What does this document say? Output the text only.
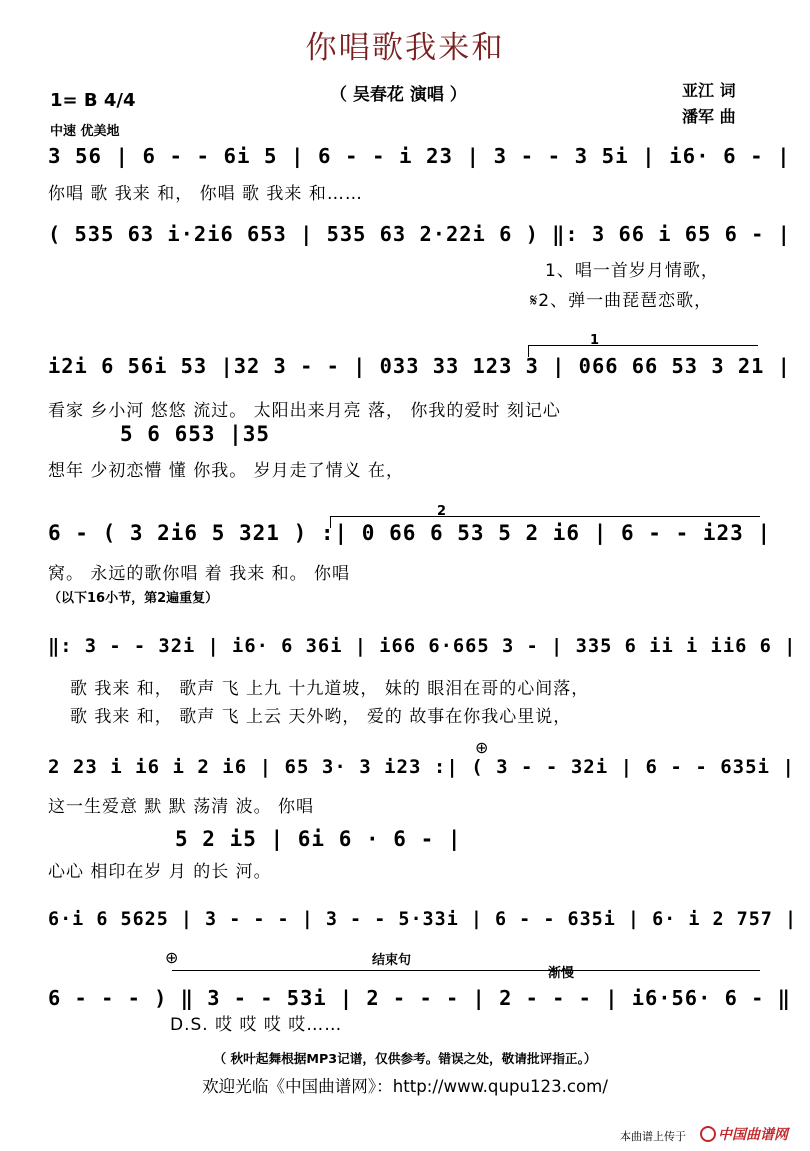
你唱歌我来和
（ 吴春花 演唱 ）	亚江 词
潘军 曲
1= B 4/4
中速 优美地
1
2
⊕
⊕
3 56 | 6 - - 6i 5 | 6 - - i 23 | 3 - - 3 5i | i6· 6 - |
你唱 歌 我来 和， 你唱 歌 我来 和……
( 535 63 i·2i6 653 | 535 63 2·22i 6 ) ‖: 3 66 i 65 6 - |
1、唱一首岁月情歌，
𝄋2、弹一曲琵琶恋歌，
i2i 6 56i 53 |32 3 - - | 033 33 123 3 | 066 66 53 3 21 |
看家 乡小河 悠悠 流过。 太阳出来月亮 落， 你我的爱时 刻记心
5 6 653 |35
想年 少初恋懵 懂 你我。 岁月走了情义 在，
6 - ( 3 2i6 5 321 ) :| 0 66 6 53 5 2 i6 | 6 - - i23 |
窝。 永远的歌你唱 着 我来 和。 你唱
（以下16小节，第2遍重复）
‖: 3 - - 32i | i6· 6 36i | i66 6·665 3 - | 335 6 ii i ii6 6 |
歌 我来 和， 歌声 飞 上九 十九道坡， 妹的 眼泪在哥的心间落，
歌 我来 和， 歌声 飞 上云 天外哟， 爱的 故事在你我心里说，
2 23 i i6 i 2 i6 | 65 3· 3 i23 :| ( 3 - - 32i | 6 - - 635i |
这一生爱意 默 默 荡清 波。 你唱
5 2 i5 | 6i 6 · 6 - |
心心 相印在岁 月 的长 河。
6·i 6 5625 | 3 - - - | 3 - - 5·33i | 6 - - 635i | 6· i 2 757 |
结束句
渐慢
6 - - - ) ‖ 3 - - 53i | 2 - - - | 2 - - - | i6·56· 6 - ‖
D.S. 哎 哎 哎 哎……
（ 秋叶起舞根据MP3记谱，仅供参考。错误之处，敬请批评指正。）
欢迎光临《中国曲谱网》：http://www.qupu123.com/
本曲谱上传于 中国曲谱网
